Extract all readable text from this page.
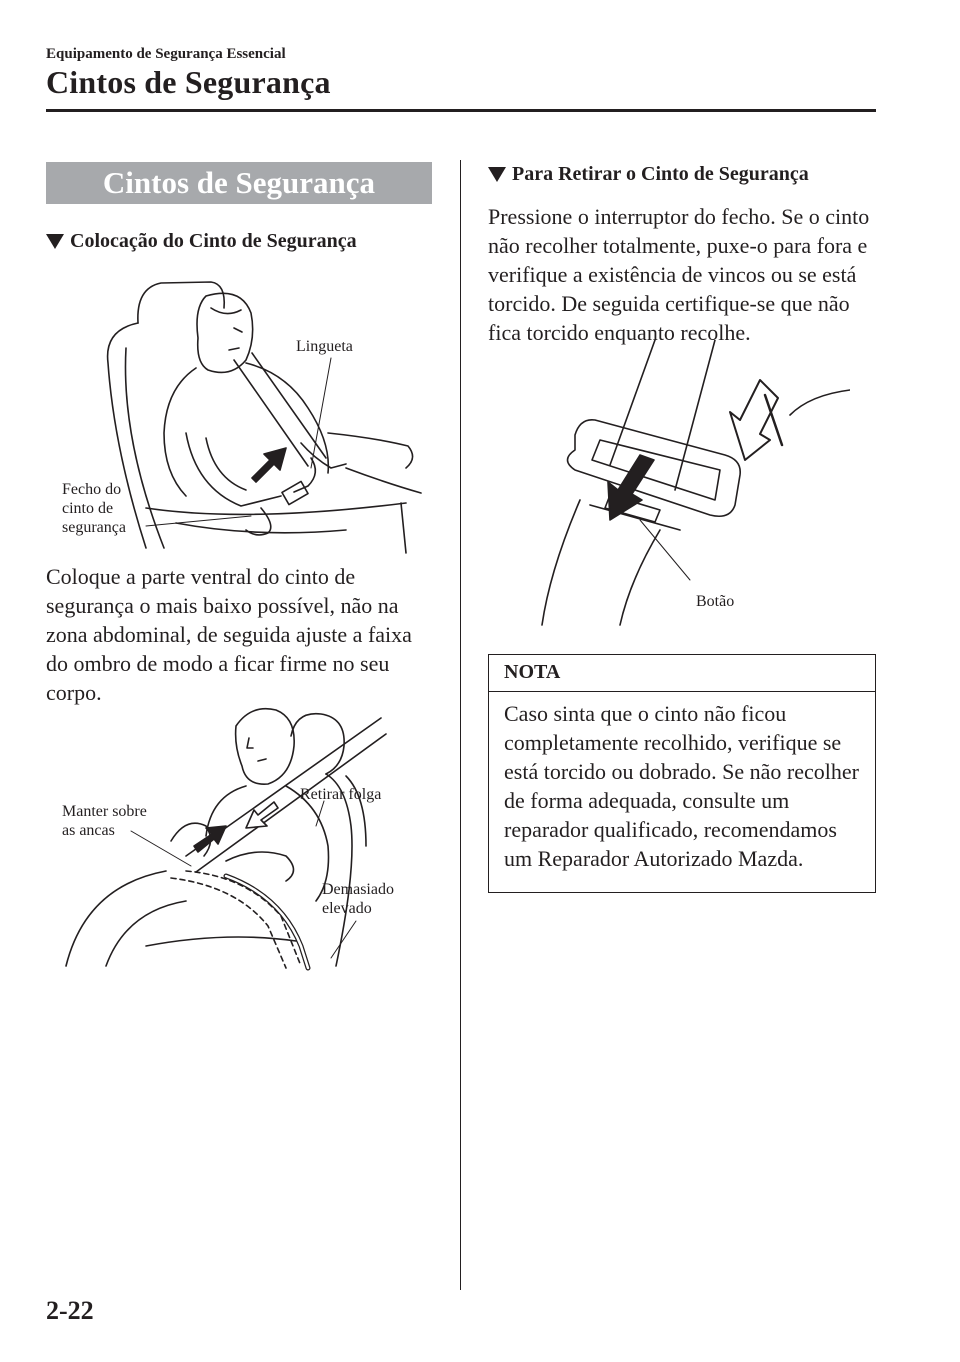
Equipamento de Segurança Essencial
Cintos de Segurança
Cintos de Segurança
Colocação do Cinto de Segurança
Lingueta
Fecho do
cinto de
segurança
Coloque a parte ventral do cinto de segurança o mais baixo possível, não na zona abdominal, de seguida ajuste a faixa do ombro de modo a ficar firme no seu corpo.
Manter sobre
as ancas
Retirar folga
Demasiado
elevado
Para Retirar o Cinto de Segurança
Pressione o interruptor do fecho. Se o cinto não recolher totalmente, puxe-o para fora e verifique a existência de vincos ou se está torcido. De seguida certifique-se que não fica torcido enquanto recolhe.
Botão
NOTA
Caso sinta que o cinto não ficou completamente recolhido, verifique se está torcido ou dobrado. Se não recolher de forma adequada, consulte um reparador qualificado, recomendamos um Reparador Autorizado Mazda.
2-22
